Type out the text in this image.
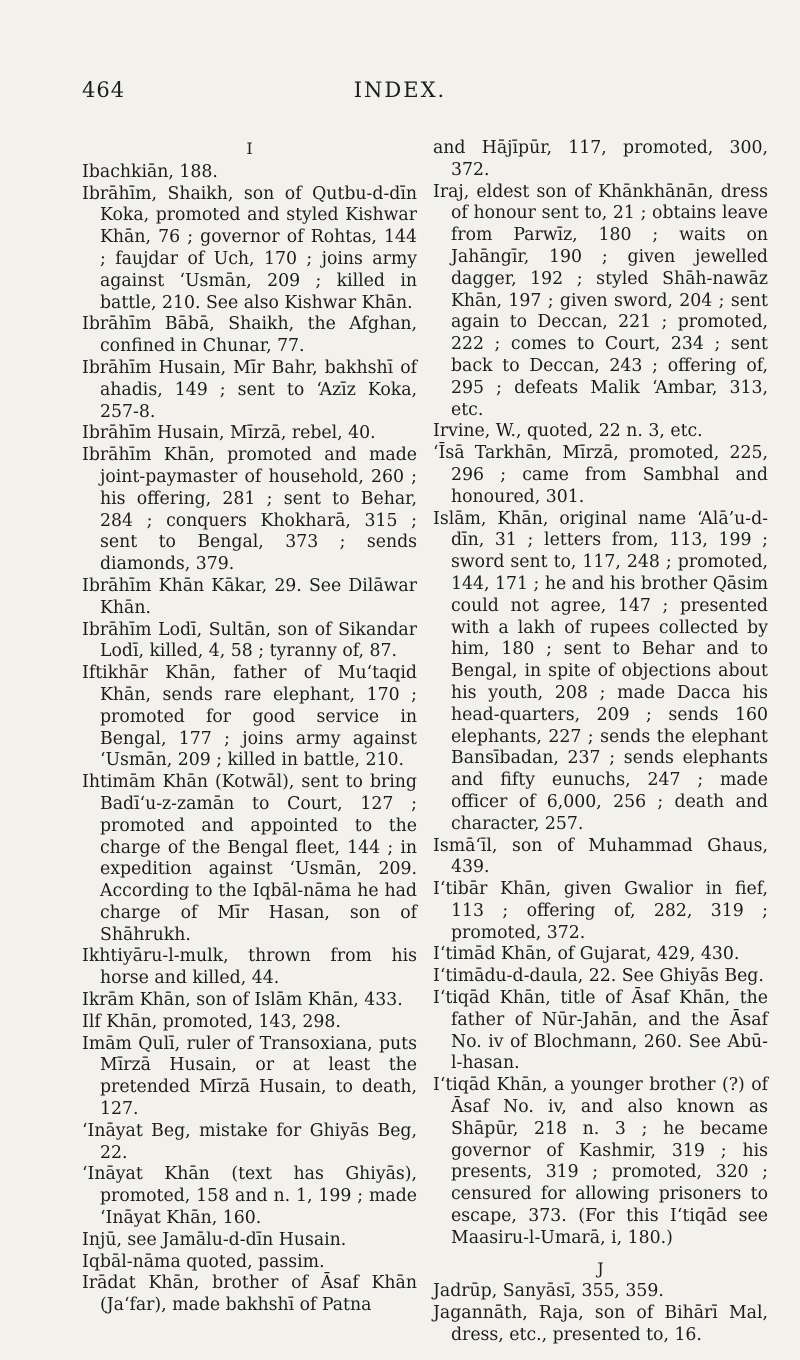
464	INDEX.

I

Ibachkiān, 188.

Ibrāhīm, Shaikh, son of Qutbu-d-dīn Koka, promoted and styled Kishwar Khān, 76 ; governor of Rohtas, 144 ; faujdar of Uch, 170 ; joins army against ‘Usmān, 209 ; killed in battle, 210. See also Kishwar Khān.

Ibrāhīm Bābā, Shaikh, the Afghan, confined in Chunar, 77.

Ibrāhīm Husain, Mīr Bahr, bakhshī of ahadis, 149 ; sent to ‘Azīz Koka, 257-8.

Ibrāhīm Husain, Mīrzā, rebel, 40.

Ibrāhīm Khān, promoted and made joint-paymaster of household, 260 ; his offering, 281 ; sent to Behar, 284 ; conquers Khokharā, 315 ; sent to Bengal, 373 ; sends diamonds, 379.

Ibrāhīm Khān Kākar, 29. See Dilāwar Khān.

Ibrāhīm Lodī, Sultān, son of Sikandar Lodī, killed, 4, 58 ; tyranny of, 87.

Iftikhār Khān, father of Mu‘taqid Khān, sends rare elephant, 170 ; promoted for good service in Bengal, 177 ; joins army against ‘Usmān, 209 ; killed in battle, 210.

Ihtimām Khān (Kotwāl), sent to bring Badī‘u-z-zamān to Court, 127 ; promoted and appointed to the charge of the Bengal fleet, 144 ; in expedition against ‘Usmān, 209. According to the Iqbāl-nāma he had charge of Mīr Hasan, son of Shāhrukh.

Ikhtiyāru-l-mulk, thrown from his horse and killed, 44.

Ikrām Khān, son of Islām Khān, 433.

Ilf Khān, promoted, 143, 298.

Imām Qulī, ruler of Transoxiana, puts Mīrzā Husain, or at least the pretended Mīrzā Husain, to death, 127.

‘Ināyat Beg, mistake for Ghiyās Beg, 22.

‘Ināyat Khān (text has Ghiyās), promoted, 158 and n. 1, 199 ; made ‘Ināyat Khān, 160.

Injū, see Jamālu-d-dīn Husain.

Iqbāl-nāma quoted, passim.

Irādat Khān, brother of Āsaf Khān (Ja‘far), made bakhshī of Patna

and Hājīpūr, 117, promoted, 300, 372.

Iraj, eldest son of Khānkhānān, dress of honour sent to, 21 ; obtains leave from Parwīz, 180 ; waits on Jahāngīr, 190 ; given jewelled dagger, 192 ; styled Shāh-nawāz Khān, 197 ; given sword, 204 ; sent again to Deccan, 221 ; promoted, 222 ; comes to Court, 234 ; sent back to Deccan, 243 ; offering of, 295 ; defeats Malik ‘Ambar, 313, etc.

Irvine, W., quoted, 22 n. 3, etc.

‘Īsā Tarkhān, Mīrzā, promoted, 225, 296 ; came from Sambhal and honoured, 301.

Islām, Khān, original name ‘Alā’u-d-dīn, 31 ; letters from, 113, 199 ; sword sent to, 117, 248 ; promoted, 144, 171 ; he and his brother Qāsim could not agree, 147 ; presented with a lakh of rupees collected by him, 180 ; sent to Behar and to Bengal, in spite of objections about his youth, 208 ; made Dacca his head-quarters, 209 ; sends 160 elephants, 227 ; sends the elephant Bansībadan, 237 ; sends elephants and fifty eunuchs, 247 ; made officer of 6,000, 256 ; death and character, 257.

Ismā‘īl, son of Muhammad Ghaus, 439.

I‘tibār Khān, given Gwalior in fief, 113 ; offering of, 282, 319 ; promoted, 372.

I‘timād Khān, of Gujarat, 429, 430.

I‘timādu-d-daula, 22. See Ghiyās Beg.

I‘tiqād Khān, title of Āsaf Khān, the father of Nūr-Jahān, and the Āsaf No. iv of Blochmann, 260. See Abū-l-hasan.

I‘tiqād Khān, a younger brother (?) of Āsaf No. iv, and also known as Shāpūr, 218 n. 3 ; he became governor of Kashmir, 319 ; his presents, 319 ; promoted, 320 ; censured for allowing prisoners to escape, 373. (For this I‘tiqād see Maasiru-l-Umarā, i, 180.)

J

Jadrūp, Sanyāsī, 355, 359.

Jagannāth, Raja, son of Bihārī Mal, dress, etc., presented to, 16.
